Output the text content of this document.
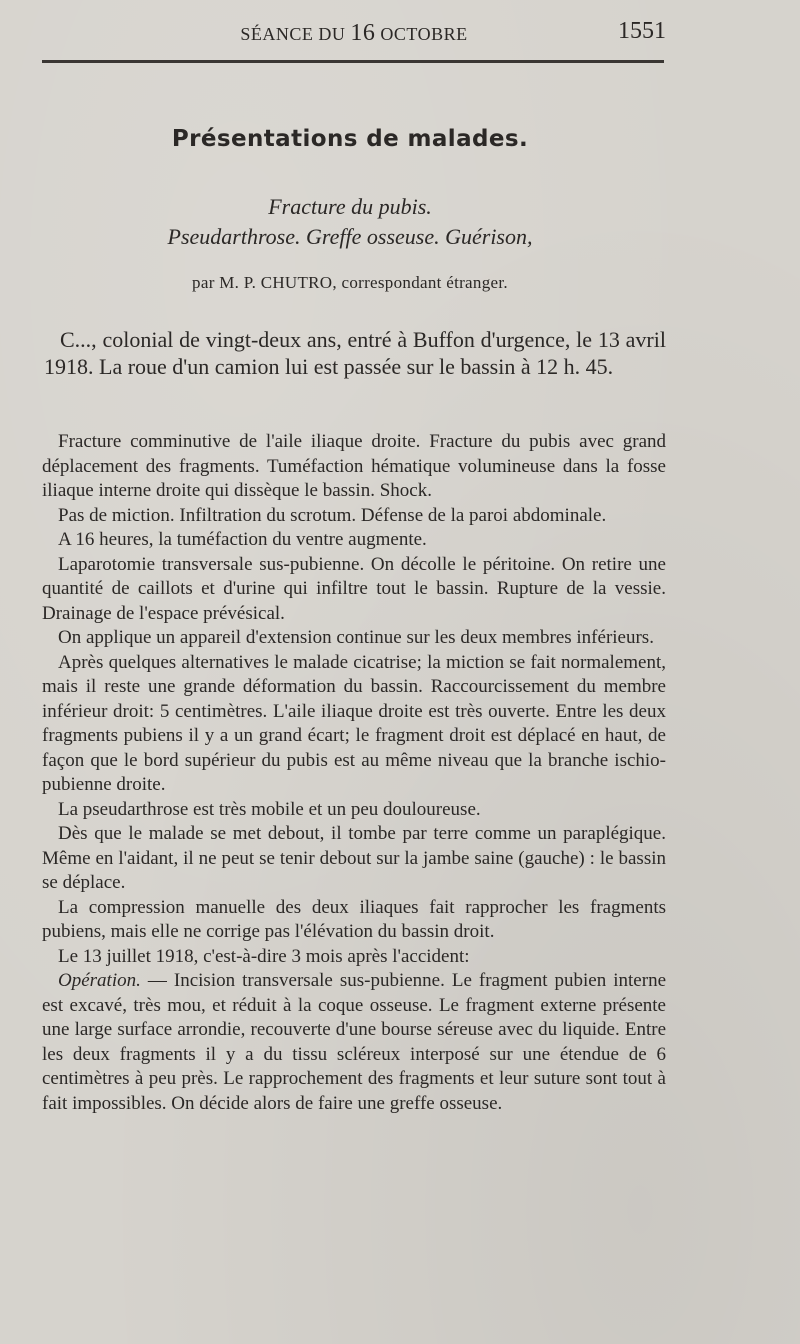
SÉANCE DU 16 OCTOBRE	1551
Présentations de malades.
Fracture du pubis.
Pseudarthrose. Greffe osseuse. Guérison,
par M. P. CHUTRO, correspondant étranger.

C..., colonial de vingt-deux ans, entré à Buffon d'urgence, le 13 avril 1918. La roue d'un camion lui est passée sur le bassin à 12 h. 45.

Fracture comminutive de l'aile iliaque droite. Fracture du pubis avec grand déplacement des fragments. Tuméfaction hématique volumineuse dans la fosse iliaque interne droite qui dissèque le bassin. Shock.

Pas de miction. Infiltration du scrotum. Défense de la paroi abdominale.

A 16 heures, la tuméfaction du ventre augmente.

Laparotomie transversale sus-pubienne. On décolle le péritoine. On retire une quantité de caillots et d'urine qui infiltre tout le bassin. Rupture de la vessie. Drainage de l'espace prévésical.

On applique un appareil d'extension continue sur les deux membres inférieurs.

Après quelques alternatives le malade cicatrise; la miction se fait normalement, mais il reste une grande déformation du bassin. Raccourcissement du membre inférieur droit: 5 centimètres. L'aile iliaque droite est très ouverte. Entre les deux fragments pubiens il y a un grand écart; le fragment droit est déplacé en haut, de façon que le bord supérieur du pubis est au même niveau que la branche ischio-pubienne droite.

La pseudarthrose est très mobile et un peu douloureuse.

Dès que le malade se met debout, il tombe par terre comme un paraplégique. Même en l'aidant, il ne peut se tenir debout sur la jambe saine (gauche) : le bassin se déplace.

La compression manuelle des deux iliaques fait rapprocher les fragments pubiens, mais elle ne corrige pas l'élévation du bassin droit.

Le 13 juillet 1918, c'est-à-dire 3 mois après l'accident:

Opération. — Incision transversale sus-pubienne. Le fragment pubien interne est excavé, très mou, et réduit à la coque osseuse. Le fragment externe présente une large surface arrondie, recouverte d'une bourse séreuse avec du liquide. Entre les deux fragments il y a du tissu scléreux interposé sur une étendue de 6 centimètres à peu près. Le rapprochement des fragments et leur suture sont tout à fait impossibles. On décide alors de faire une greffe osseuse.
